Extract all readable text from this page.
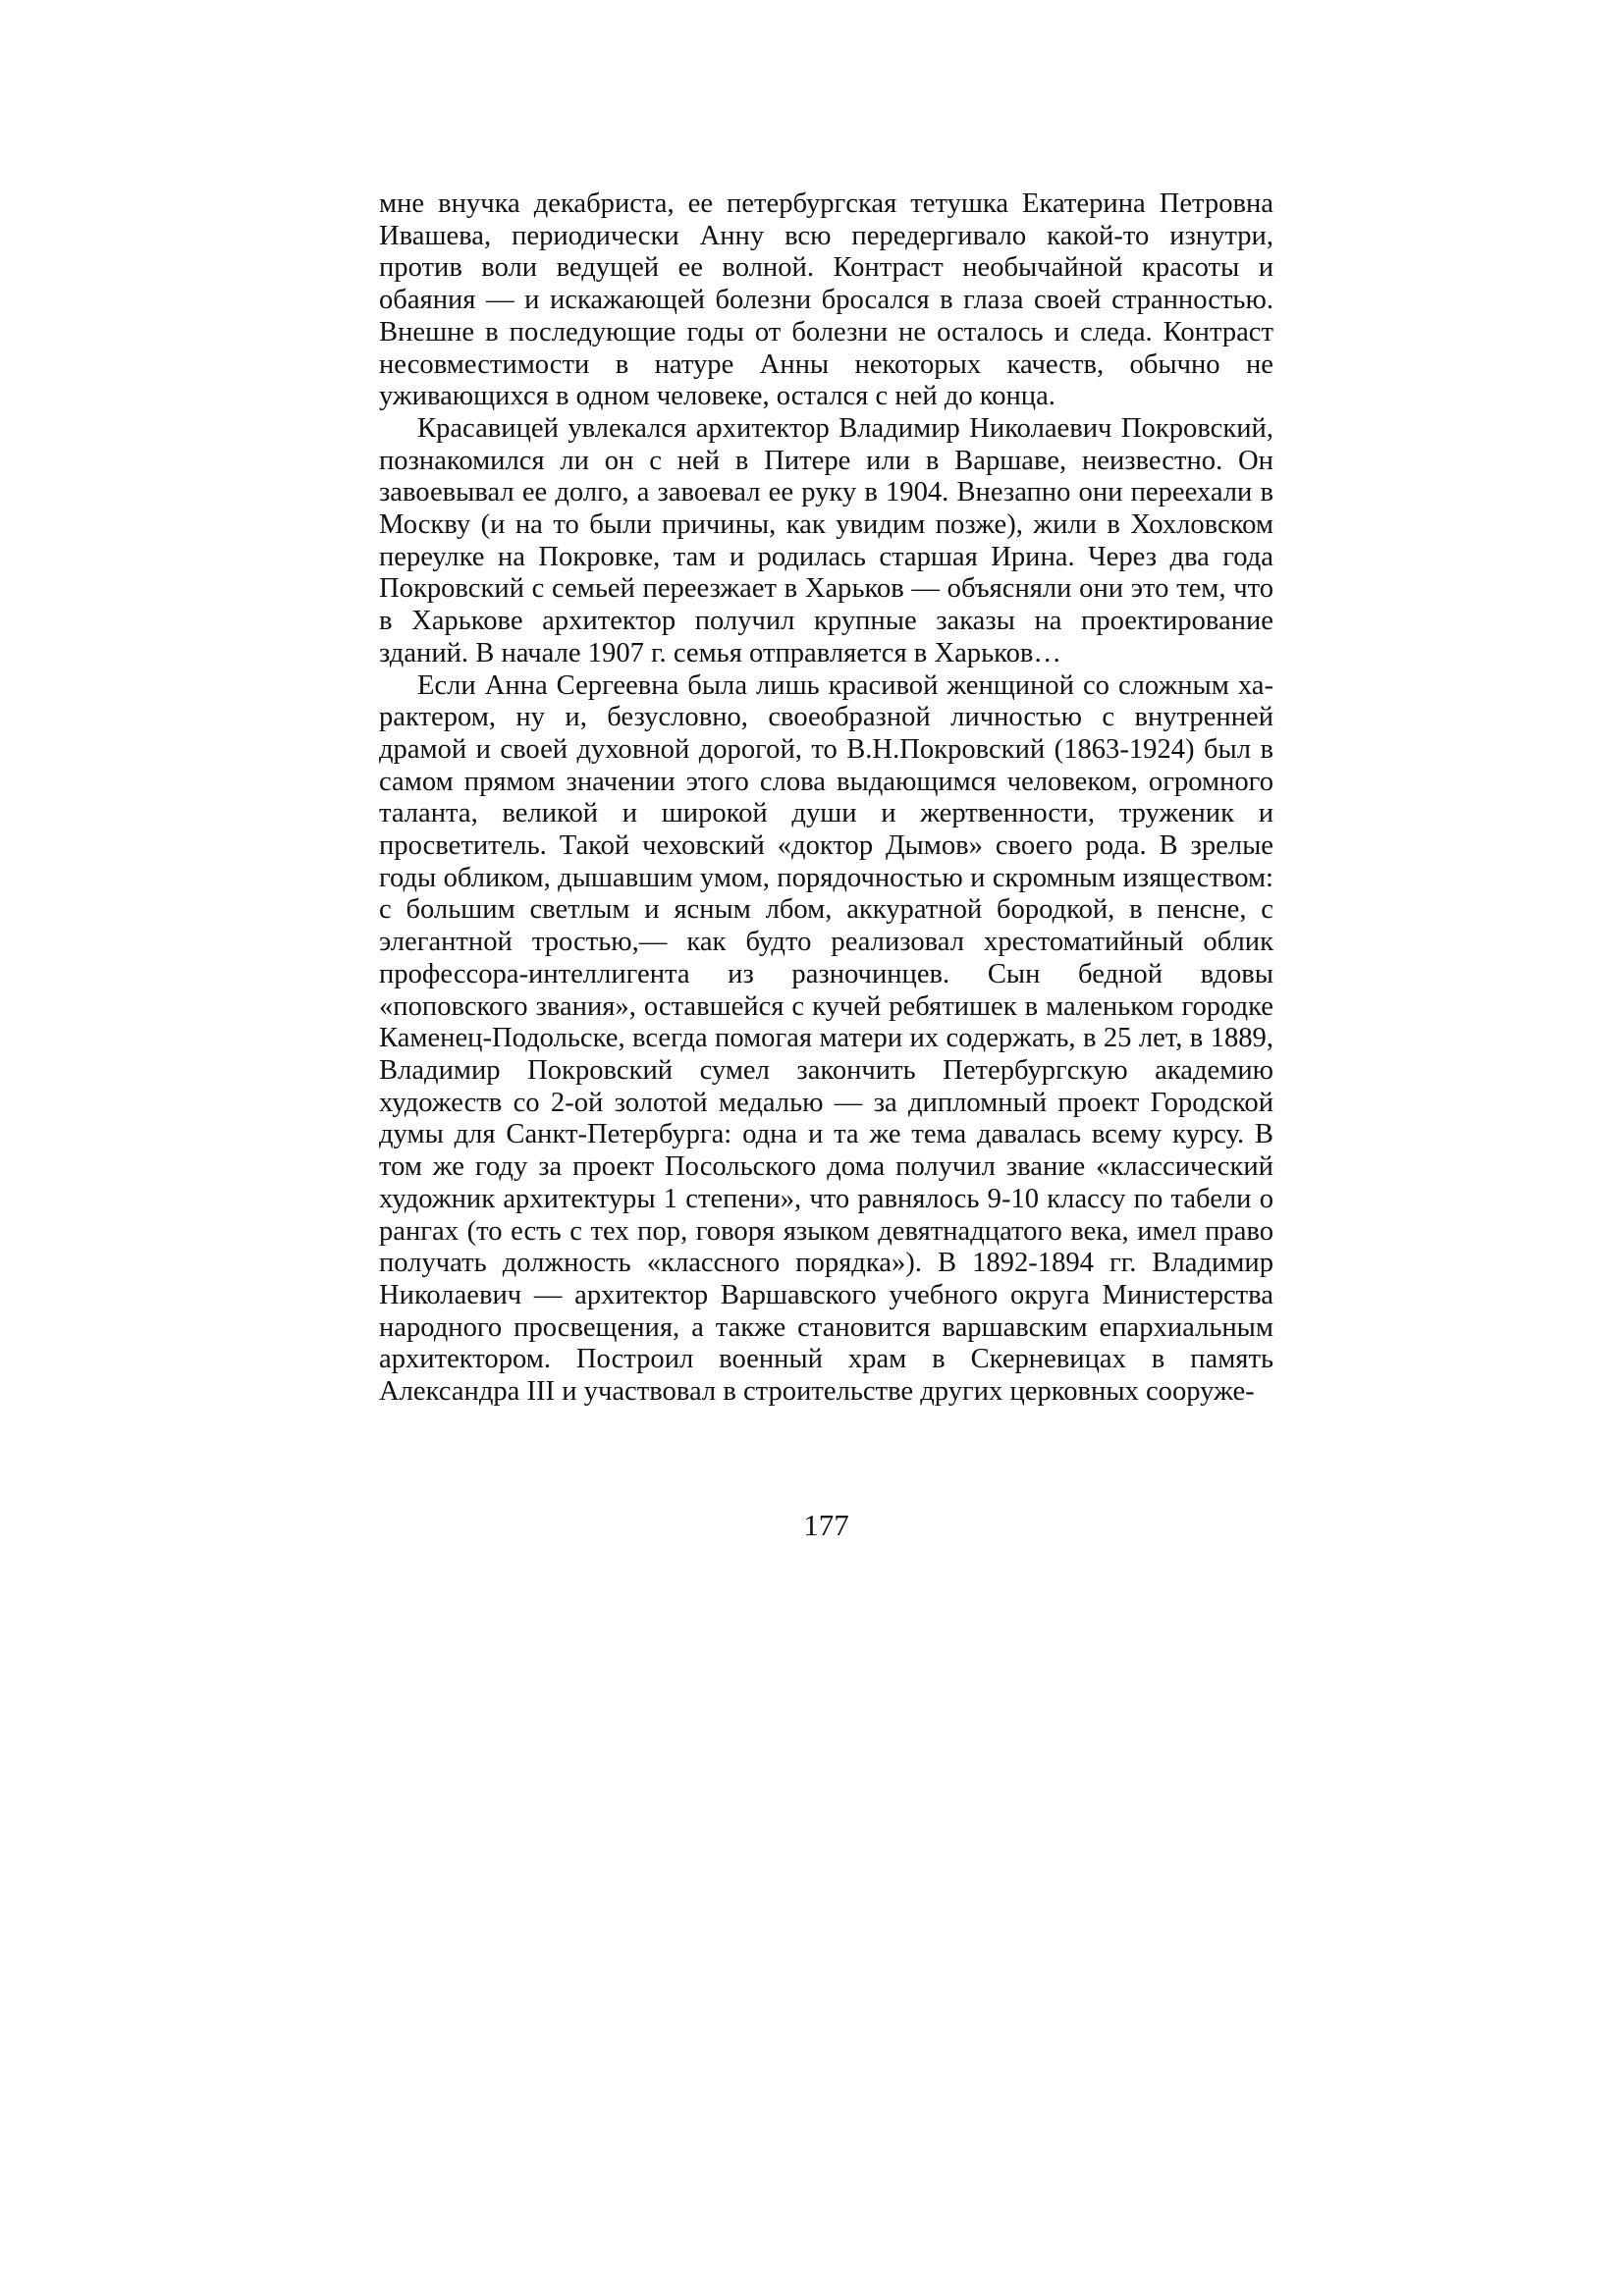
мне внучка декабриста, ее петербургская тетушка Екатерина Петровна Ивашева, периодически Анну всю передергивало какой-то изнутри, против воли ведущей ее волной. Контраст необычайной красоты и обаяния — и искажающей болезни бросался в глаза своей странностью. Внешне в последующие годы от болезни не осталось и следа. Контраст несовместимости в натуре Анны некоторых качеств, обычно не уживающихся в одном человеке, остался с ней до конца.

Красавицей увлекался архитектор Владимир Николаевич Покровский, познакомился ли он с ней в Питере или в Варшаве, неизвестно. Он завоевывал ее долго, а завоевал ее руку в 1904. Внезапно они переехали в Москву (и на то были причины, как увидим позже), жили в Хохловском переулке на Покровке, там и родилась старшая Ирина. Через два года Покровский с семьей переезжает в Харьков — объясняли они это тем, что в Харькове архитектор получил крупные заказы на проектирование зданий. В начале 1907 г. семья отправляется в Харьков…

Если Анна Сергеевна была лишь красивой женщиной со сложным характером, ну и, безусловно, своеобразной личностью с внутренней драмой и своей духовной дорогой, то В.Н.Покровский (1863-1924) был в самом прямом значении этого слова выдающимся человеком, огромного таланта, великой и широкой души и жертвенности, труженик и просветитель. Такой чеховский «доктор Дымов» своего рода. В зрелые годы обликом, дышавшим умом, порядочностью и скромным изяществом: с большим светлым и ясным лбом, аккуратной бородкой, в пенсне, с элегантной тростью,— как будто реализовал хрестоматийный облик профессора-интеллигента из разночинцев. Сын бедной вдовы «поповского звания», оставшейся с кучей ребятишек в маленьком городке Каменец-Подольске, всегда помогая матери их содержать, в 25 лет, в 1889, Владимир Покровский сумел закончить Петербургскую академию художеств со 2-ой золотой медалью — за дипломный проект Городской думы для Санкт-Петербурга: одна и та же тема давалась всему курсу. В том же году за проект Посольского дома получил звание «классический художник архитектуры 1 степени», что равнялось 9-10 классу по табели о рангах (то есть с тех пор, говоря языком девятнадцатого века, имел право получать должность «классного порядка»). В 1892-1894 гг. Владимир Николаевич — архитектор Варшавского учебного округа Министерства народного просвещения, а также становится варшавским епархиальным архитектором. Построил военный храм в Скерневицах в память Александра III и участвовал в строительстве других церковных сооруже-

177
